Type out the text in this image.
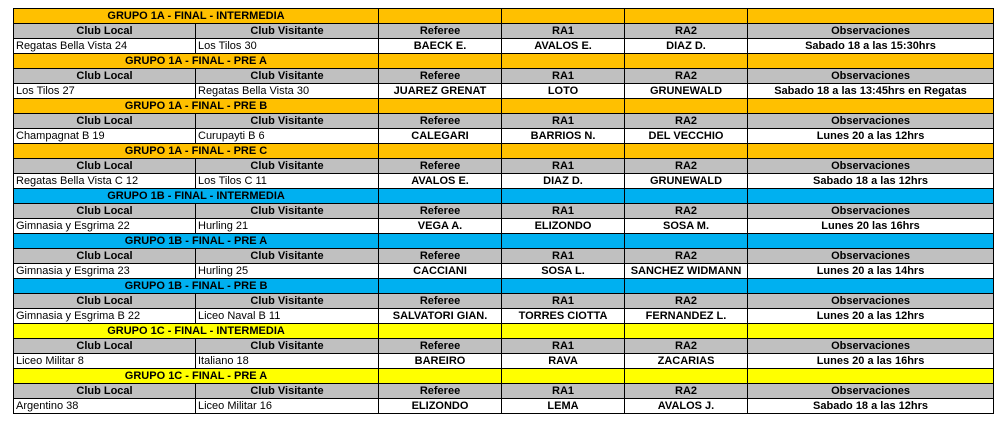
GRUPO 1A - FINAL - INTERMEDIA					
Club Local	Club Visitante	Referee	RA1	RA2	Observaciones
Regatas Bella Vista 24	Los Tilos 30	BAECK E.	AVALOS E.	DIAZ D.	Sabado 18 a las 15:30hrs
GRUPO 1A - FINAL - PRE A					
Club Local	Club Visitante	Referee	RA1	RA2	Observaciones
Los Tilos 27	Regatas Bella Vista 30	JUAREZ GRENAT	LOTO	GRUNEWALD	Sabado 18 a las 13:45hrs en Regatas
GRUPO 1A - FINAL - PRE B					
Club Local	Club Visitante	Referee	RA1	RA2	Observaciones
Champagnat B 19	Curupayti B 6	CALEGARI	BARRIOS N.	DEL VECCHIO	Lunes 20 a las 12hrs
GRUPO 1A - FINAL - PRE C					
Club Local	Club Visitante	Referee	RA1	RA2	Observaciones
Regatas Bella Vista C 12	Los Tilos C 11	AVALOS E.	DIAZ D.	GRUNEWALD	Sabado 18 a las 12hrs
GRUPO 1B - FINAL - INTERMEDIA					
Club Local	Club Visitante	Referee	RA1	RA2	Observaciones
Gimnasia y Esgrima 22	Hurling 21	VEGA A.	ELIZONDO	SOSA M.	Lunes 20 las 16hrs
GRUPO 1B - FINAL - PRE A					
Club Local	Club Visitante	Referee	RA1	RA2	Observaciones
Gimnasia y Esgrima 23	Hurling 25	CACCIANI	SOSA L.	SANCHEZ WIDMANN	Lunes 20 a las 14hrs
GRUPO 1B - FINAL - PRE B					
Club Local	Club Visitante	Referee	RA1	RA2	Observaciones
Gimnasia y Esgrima B 22	Liceo Naval B 11	SALVATORI GIAN.	TORRES CIOTTA	FERNANDEZ L.	Lunes 20 a las 12hrs
GRUPO 1C - FINAL - INTERMEDIA					
Club Local	Club Visitante	Referee	RA1	RA2	Observaciones
Liceo Militar 8	Italiano 18	BAREIRO	RAVA	ZACARIAS	Lunes 20 a las 16hrs
GRUPO 1C - FINAL - PRE A					
Club Local	Club Visitante	Referee	RA1	RA2	Observaciones
Argentino 38	Liceo Militar 16	ELIZONDO	LEMA	AVALOS J.	Sabado 18 a las 12hrs
